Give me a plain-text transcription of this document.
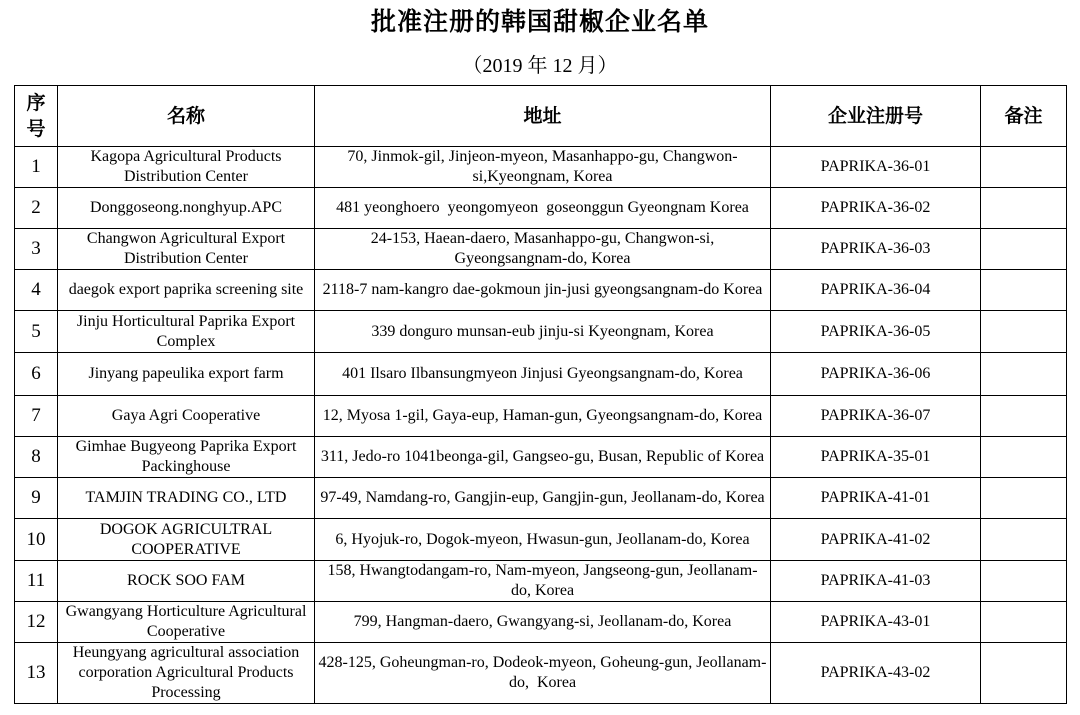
批准注册的韩国甜椒企业名单
（2019 年 12 月）
序号	名称	地址	企业注册号	备注
1	Kagopa Agricultural Products Distribution Center	70, Jinmok-gil, Jinjeon-myeon, Masanhappo-gu, Changwon-si,Kyeongnam, Korea	PAPRIKA-36-01	
2	Donggoseong.nonghyup.APC	481 yeonghoero  yeongomyeon  goseonggun Gyeongnam Korea	PAPRIKA-36-02	
3	Changwon Agricultural Export Distribution Center	24-153, Haean-daero, Masanhappo-gu, Changwon-si, Gyeongsangnam-do, Korea	PAPRIKA-36-03	
4	daegok export paprika screening site	2118-7 nam-kangro dae-gokmoun jin-jusi gyeongsangnam-do Korea	PAPRIKA-36-04	
5	Jinju Horticultural Paprika Export Complex	339 donguro munsan-eub jinju-si Kyeongnam, Korea	PAPRIKA-36-05	
6	Jinyang papeulika export farm	401 Ilsaro Ilbansungmyeon Jinjusi Gyeongsangnam-do, Korea	PAPRIKA-36-06	
7	Gaya Agri Cooperative	12, Myosa 1-gil, Gaya-eup, Haman-gun, Gyeongsangnam-do, Korea	PAPRIKA-36-07	
8	Gimhae Bugyeong Paprika Export Packinghouse	311, Jedo-ro 1041beonga-gil, Gangseo-gu, Busan, Republic of Korea	PAPRIKA-35-01	
9	TAMJIN TRADING CO., LTD	97-49, Namdang-ro, Gangjin-eup, Gangjin-gun, Jeollanam-do, Korea	PAPRIKA-41-01	
10	DOGOK AGRICULTRAL COOPERATIVE	6, Hyojuk-ro, Dogok-myeon, Hwasun-gun, Jeollanam-do, Korea	PAPRIKA-41-02	
11	ROCK SOO FAM	158, Hwangtodangam-ro, Nam-myeon, Jangseong-gun, Jeollanam-do, Korea	PAPRIKA-41-03	
12	Gwangyang Horticulture Agricultural Cooperative	799, Hangman-daero, Gwangyang-si, Jeollanam-do, Korea	PAPRIKA-43-01	
13	Heungyang agricultural association corporation Agricultural Products Processing	428-125, Goheungman-ro, Dodeok-myeon, Goheung-gun, Jeollanam-do,  Korea	PAPRIKA-43-02	
